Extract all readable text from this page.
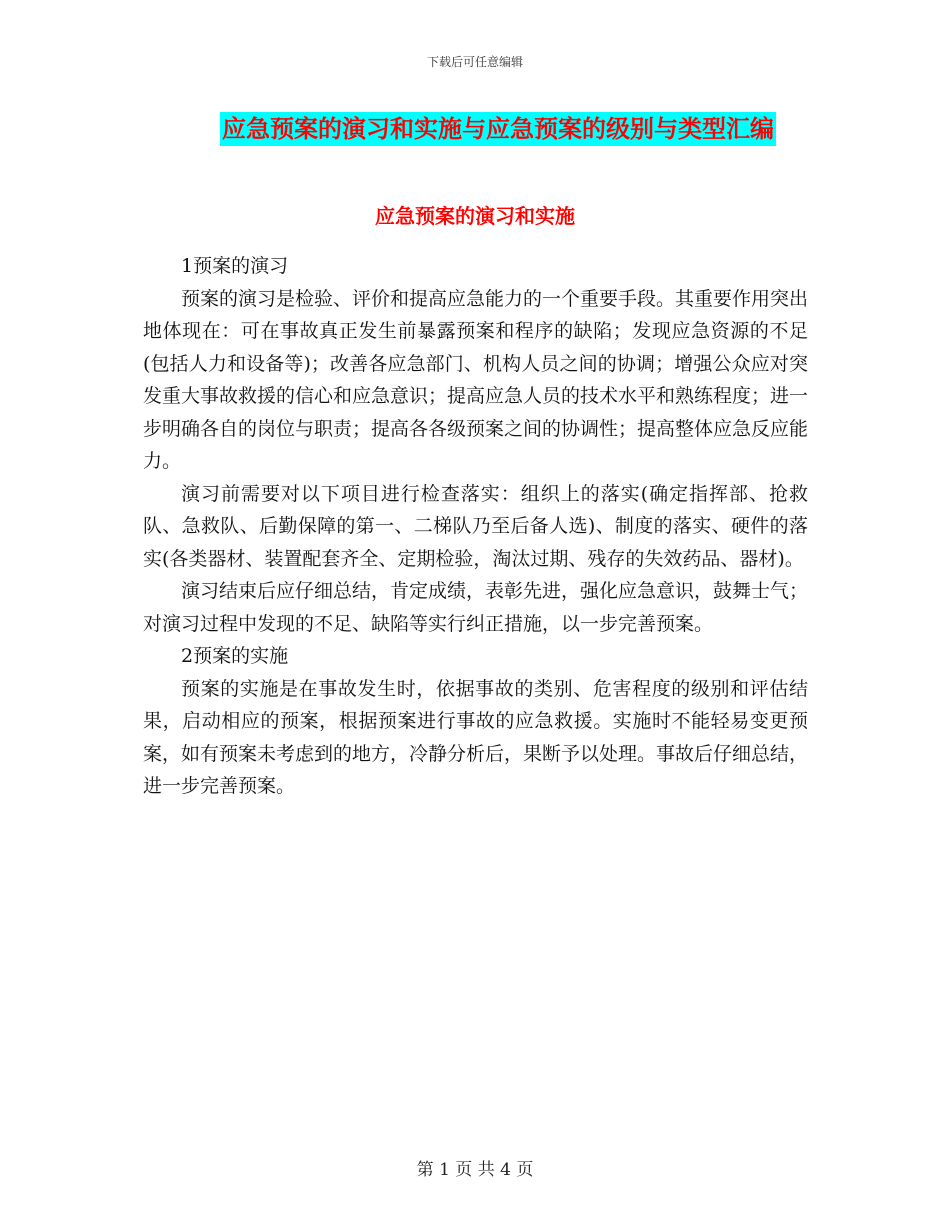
下载后可任意编辑
应急预案的演习和实施与应急预案的级别与类型汇编
应急预案的演习和实施

1预案的演习

预案的演习是检验、评价和提高应急能力的一个重要手段。其重要作用突出地体现在：可在事故真正发生前暴露预案和程序的缺陷；发现应急资源的不足(包括人力和设备等)；改善各应急部门、机构人员之间的协调；增强公众应对突发重大事故救援的信心和应急意识；提高应急人员的技术水平和熟练程度；进一步明确各自的岗位与职责；提高各各级预案之间的协调性；提高整体应急反应能力。

演习前需要对以下项目进行检查落实：组织上的落实(确定指挥部、抢救队、急救队、后勤保障的第一、二梯队乃至后备人选)、制度的落实、硬件的落实(各类器材、装置配套齐全、定期检验，淘汰过期、残存的失效药品、器材)。

演习结束后应仔细总结，肯定成绩，表彰先进，强化应急意识，鼓舞士气；对演习过程中发现的不足、缺陷等实行纠正措施，以一步完善预案。

2预案的实施

预案的实施是在事故发生时，依据事故的类别、危害程度的级别和评估结果，启动相应的预案，根据预案进行事故的应急救援。实施时不能轻易变更预案，如有预案未考虑到的地方，冷静分析后，果断予以处理。事故后仔细总结，进一步完善预案。

第 1 页 共 4 页
